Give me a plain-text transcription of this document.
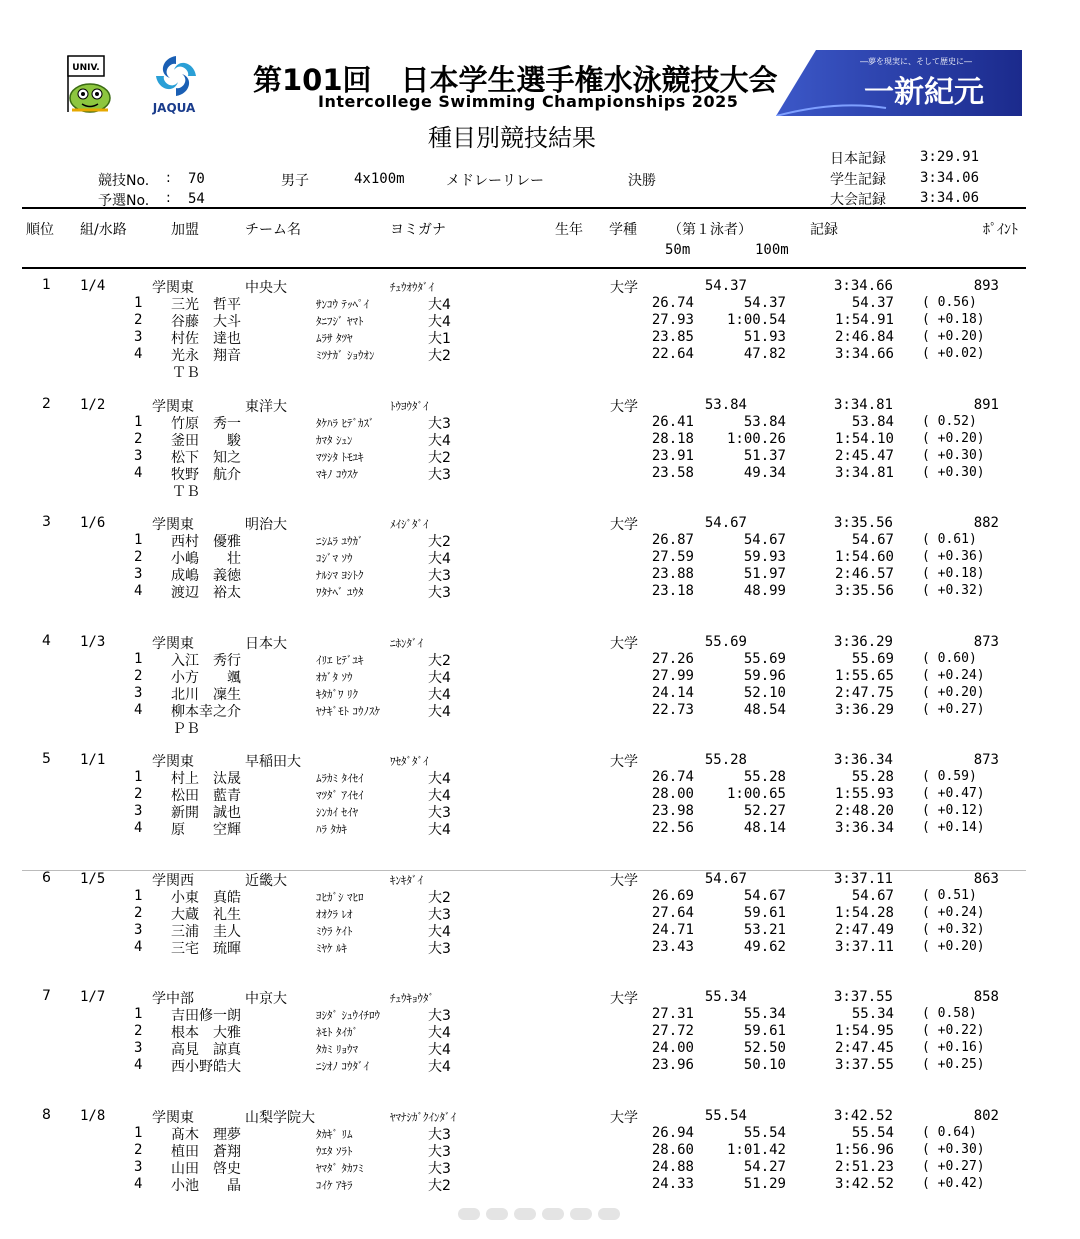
UNIV.
JAQUA
第101回　日本学生選手権水泳競技大会
Intercollege Swimming Championships 2025
種目別競技結果
―夢を現実に、そして歴史に―
一新紀元
日本記録 3:29.91
学生記録 3:34.06
大会記録 3:34.06
競技No. : 70
予選No. : 54
男子	4x100m	メドレーリレー	決勝
順位 組/水路	加盟	チーム名	ヨミガナ	生年 学種 （第１泳者）	記録	ﾎﾟｲﾝﾄ
50m	100m
1 1/4	学関東	中央大	ﾁｭｳｵｳﾀﾞｲ	大学	54.37	3:34.66	893
1 三光　哲平	ｻﾝｺｳ ﾃｯﾍﾟｲ	大4	26.74	54.37	54.37 ( 0.56)
2 谷藤　大斗	ﾀﾆﾌｼﾞ ﾔﾏﾄ	大4	27.93 1:00.54	1:54.91 ( +0.18)
3 村佐　達也	ﾑﾗｻ ﾀﾂﾔ	大1	23.85	51.93	2:46.84 ( +0.20)
4 光永　翔音	ﾐﾂﾅｶﾞ ｼｮｳｵﾝ	大2	22.64	47.82	3:34.66 ( +0.02)
ＴＢ
2 1/2	学関東	東洋大	ﾄｳﾖｳﾀﾞｲ	大学	53.84	3:34.81	891
1 竹原　秀一	ﾀｹﾊﾗ ﾋﾃﾞｶｽﾞ	大3	26.41	53.84	53.84 ( 0.52)
2 釜田　　駿	ｶﾏﾀ ｼｭﾝ	大4	28.18 1:00.26	1:54.10 ( +0.20)
3 松下　知之	ﾏﾂｼﾀ ﾄﾓﾕｷ	大2	23.91	51.37	2:45.47 ( +0.30)
4 牧野　航介	ﾏｷﾉ ｺｳｽｹ	大3	23.58	49.34	3:34.81 ( +0.30)
ＴＢ
3 1/6	学関東	明治大	ﾒｲｼﾞﾀﾞｲ	大学	54.67	3:35.56	882
1 西村　優雅	ﾆｼﾑﾗ ﾕｳｶﾞ	大2	26.87	54.67	54.67 ( 0.61)
2 小嶋　　壮	ｺｼﾞﾏ ｿｳ	大4	27.59	59.93	1:54.60 ( +0.36)
3 成嶋　義徳	ﾅﾙｼﾏ ﾖｼﾄｸ	大3	23.88	51.97	2:46.57 ( +0.18)
4 渡辺　裕太	ﾜﾀﾅﾍﾞ ﾕｳﾀ	大3	23.18	48.99	3:35.56 ( +0.32)
4 1/3	学関東	日本大	ﾆﾎﾝﾀﾞｲ	大学	55.69	3:36.29	873
1 入江　秀行	ｲﾘｴ ﾋﾃﾞﾕｷ	大2	27.26	55.69	55.69 ( 0.60)
2 小方　　颯	ｵｶﾞﾀ ｿｳ	大4	27.99	59.96	1:55.65 ( +0.24)
3 北川　凜生	ｷﾀｶﾞﾜ ﾘｸ	大4	24.14	52.10	2:47.75 ( +0.20)
4 柳本幸之介	ﾔﾅｷﾞﾓﾄ ｺｳﾉｽｹ	大4	22.73	48.54	3:36.29 ( +0.27)
ＰＢ
5 1/1	学関東	早稲田大	ﾜｾﾀﾞﾀﾞｲ	大学	55.28	3:36.34	873
1 村上　汰晟	ﾑﾗｶﾐ ﾀｲｾｲ	大4	26.74	55.28	55.28 ( 0.59)
2 松田　藍青	ﾏﾂﾀﾞ ｱｲｾｲ	大4	28.00 1:00.65	1:55.93 ( +0.47)
3 新開　誠也	ｼﾝｶｲ ｾｲﾔ	大3	23.98	52.27	2:48.20 ( +0.12)
4 原　　空輝	ﾊﾗ ﾀｶｷ	大4	22.56	48.14	3:36.34 ( +0.14)
6 1/5	学関西	近畿大	ｷﾝｷﾀﾞｲ	大学	54.67	3:37.11	863
1 小東　真皓	ｺﾋｶﾞｼ ﾏﾋﾛ	大2	26.69	54.67	54.67 ( 0.51)
2 大蔵　礼生	ｵｵｸﾗ ﾚｵ	大3	27.64	59.61	1:54.28 ( +0.24)
3 三浦　圭人	ﾐｳﾗ ｹｲﾄ	大4	24.71	53.21	2:47.49 ( +0.32)
4 三宅　琉暉	ﾐﾔｹ ﾙｷ	大3	23.43	49.62	3:37.11 ( +0.20)
7 1/7	学中部	中京大	ﾁｭｳｷｮｳﾀﾞ	大学	55.34	3:37.55	858
1 吉田修一朗	ﾖｼﾀﾞ ｼｭｳｲﾁﾛｳ	大3	27.31	55.34	55.34 ( 0.58)
2 根本　大雅	ﾈﾓﾄ ﾀｲｶﾞ	大4	27.72	59.61	1:54.95 ( +0.22)
3 高見　諒真	ﾀｶﾐ ﾘｮｳﾏ	大4	24.00	52.50	2:47.45 ( +0.16)
4 西小野皓大	ﾆｼｵﾉ ｺｳﾀﾞｲ	大4	23.96	50.10	3:37.55 ( +0.25)
8 1/8	学関東	山梨学院大	ﾔﾏﾅｼｶﾞｸｲﾝﾀﾞｲ	大学	55.54	3:42.52	802
1 髙木　理夢	ﾀｶｷﾞ ﾘﾑ	大3	26.94	55.54	55.54 ( 0.64)
2 植田　蒼翔	ｳｴﾀ ｿﾗﾄ	大3	28.60 1:01.42	1:56.96 ( +0.30)
3 山田　啓史	ﾔﾏﾀﾞ ﾀｶﾌﾐ	大3	24.88	54.27	2:51.23 ( +0.27)
4 小池　　晶	ｺｲｹ ｱｷﾗ	大2	24.33	51.29	3:42.52 ( +0.42)
